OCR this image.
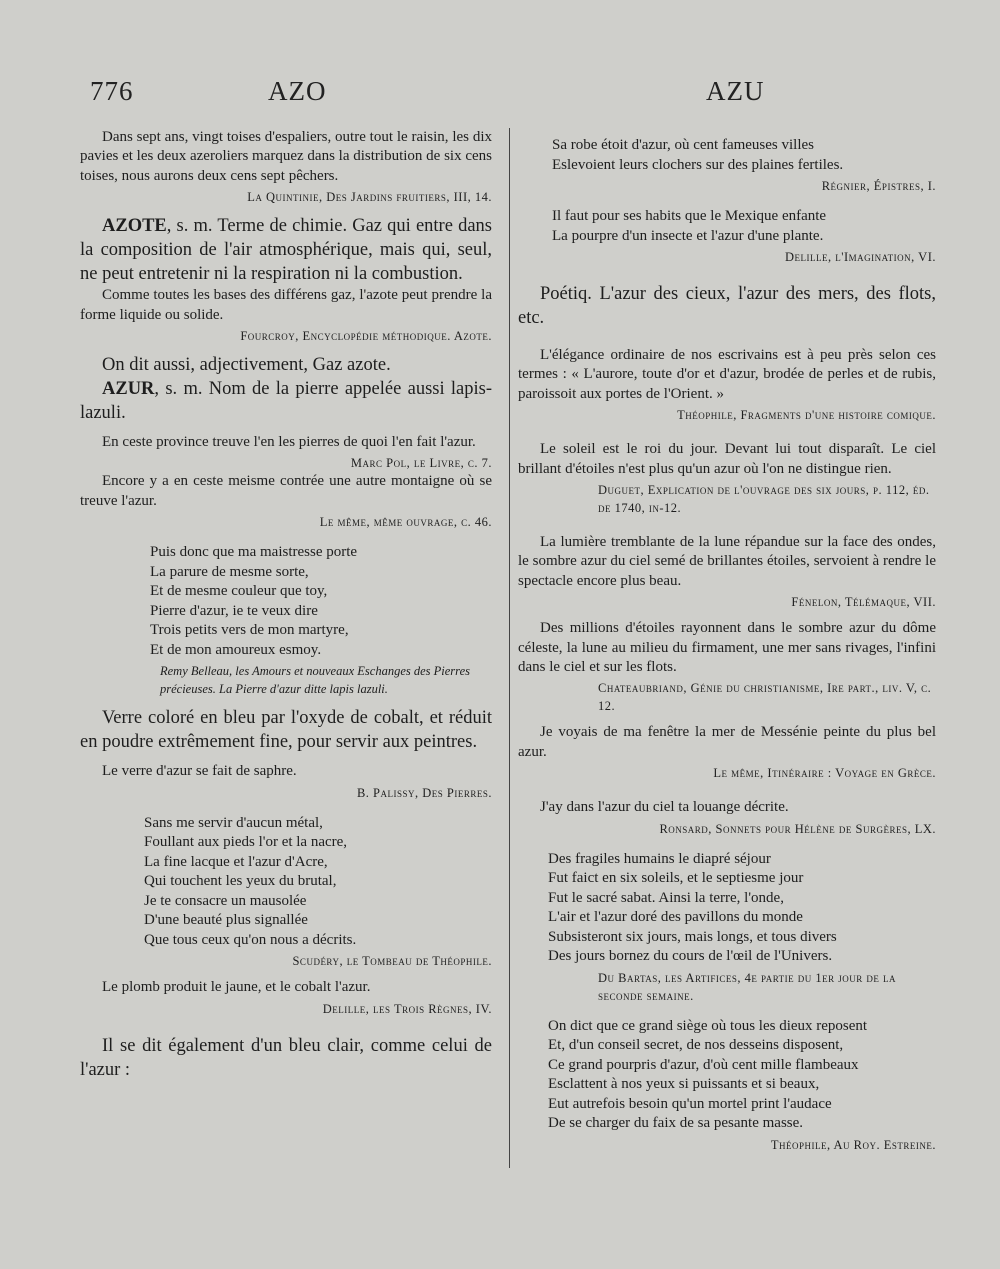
776	AZO	AZU

Dans sept ans, vingt toises d'espaliers, outre tout le raisin, les dix pavies et les deux azeroliers marquez dans la distribution de six cens toises, nous aurons deux cens sept pêchers.

La Quintinie, Des Jardins fruitiers, III, 14.

AZOTE, s. m. Terme de chimie. Gaz qui entre dans la composition de l'air atmosphérique, mais qui, seul, ne peut entretenir ni la respiration ni la combustion.

Comme toutes les bases des différens gaz, l'azote peut prendre la forme liquide ou solide.

Fourcroy, Encyclopédie méthodique. Azote.

On dit aussi, adjectivement, Gaz azote.

AZUR, s. m. Nom de la pierre appelée aussi lapis-lazuli.

En ceste province treuve l'en les pierres de quoi l'en fait l'azur.

Marc Pol, le Livre, c. 7.

Encore y a en ceste meisme contrée une autre montaigne où se treuve l'azur.

Le même, même ouvrage, c. 46.

Puis donc que ma maistresse porte
La parure de mesme sorte,
Et de mesme couleur que toy,
Pierre d'azur, ie te veux dire
Trois petits vers de mon martyre,
Et de mon amoureux esmoy.

Remy Belleau, les Amours et nouveaux Eschanges des Pierres précieuses. La Pierre d'azur ditte lapis lazuli.

Verre coloré en bleu par l'oxyde de cobalt, et réduit en poudre extrêmement fine, pour servir aux peintres.

Le verre d'azur se fait de saphre.

B. Palissy, Des Pierres.

Sans me servir d'aucun métal,
Foullant aux pieds l'or et la nacre,
La fine lacque et l'azur d'Acre,
Qui touchent les yeux du brutal,
Je te consacre un mausolée
D'une beauté plus signallée
Que tous ceux qu'on nous a décrits.

Scudéry, le Tombeau de Théophile.

Le plomb produit le jaune, et le cobalt l'azur.

Delille, les Trois Règnes, IV.

Il se dit également d'un bleu clair, comme celui de l'azur :

Sa robe étoit d'azur, où cent fameuses villes
Eslevoient leurs clochers sur des plaines fertiles.

Régnier, Épistres, I.

Il faut pour ses habits que le Mexique enfante
La pourpre d'un insecte et l'azur d'une plante.

Delille, l'Imagination, VI.

Poétiq. L'azur des cieux, l'azur des mers, des flots, etc.

L'élégance ordinaire de nos escrivains est à peu près selon ces termes : « L'aurore, toute d'or et d'azur, brodée de perles et de rubis, paroissoit aux portes de l'Orient. »

Théophile, Fragments d'une histoire comique.

Le soleil est le roi du jour. Devant lui tout disparaît. Le ciel brillant d'étoiles n'est plus qu'un azur où l'on ne distingue rien.

Duguet, Explication de l'ouvrage des six jours, p. 112, éd. de 1740, in-12.

La lumière tremblante de la lune répandue sur la face des ondes, le sombre azur du ciel semé de brillantes étoiles, servoient à rendre le spectacle encore plus beau.

Fénelon, Télémaque, VII.

Des millions d'étoiles rayonnent dans le sombre azur du dôme céleste, la lune au milieu du firmament, une mer sans rivages, l'infini dans le ciel et sur les flots.

Chateaubriand, Génie du christianisme, Ire part., liv. V, c. 12.

Je voyais de ma fenêtre la mer de Messénie peinte du plus bel azur.

Le même, Itinéraire : Voyage en Grèce.

J'ay dans l'azur du ciel ta louange décrite.

Ronsard, Sonnets pour Hélène de Surgères, LX.

Des fragiles humains le diapré séjour
Fut faict en six soleils, et le septiesme jour
Fut le sacré sabat. Ainsi la terre, l'onde,
L'air et l'azur doré des pavillons du monde
Subsisteront six jours, mais longs, et tous divers
Des jours bornez du cours de l'œil de l'Univers.

Du Bartas, les Artifices, 4e partie du 1er jour de la seconde semaine.

On dict que ce grand siège où tous les dieux reposent
Et, d'un conseil secret, de nos desseins disposent,
Ce grand pourpris d'azur, d'où cent mille flambeaux
Esclattent à nos yeux si puissants et si beaux,
Eut autrefois besoin qu'un mortel print l'audace
De se charger du faix de sa pesante masse.

Théophile, Au Roy. Estreine.
